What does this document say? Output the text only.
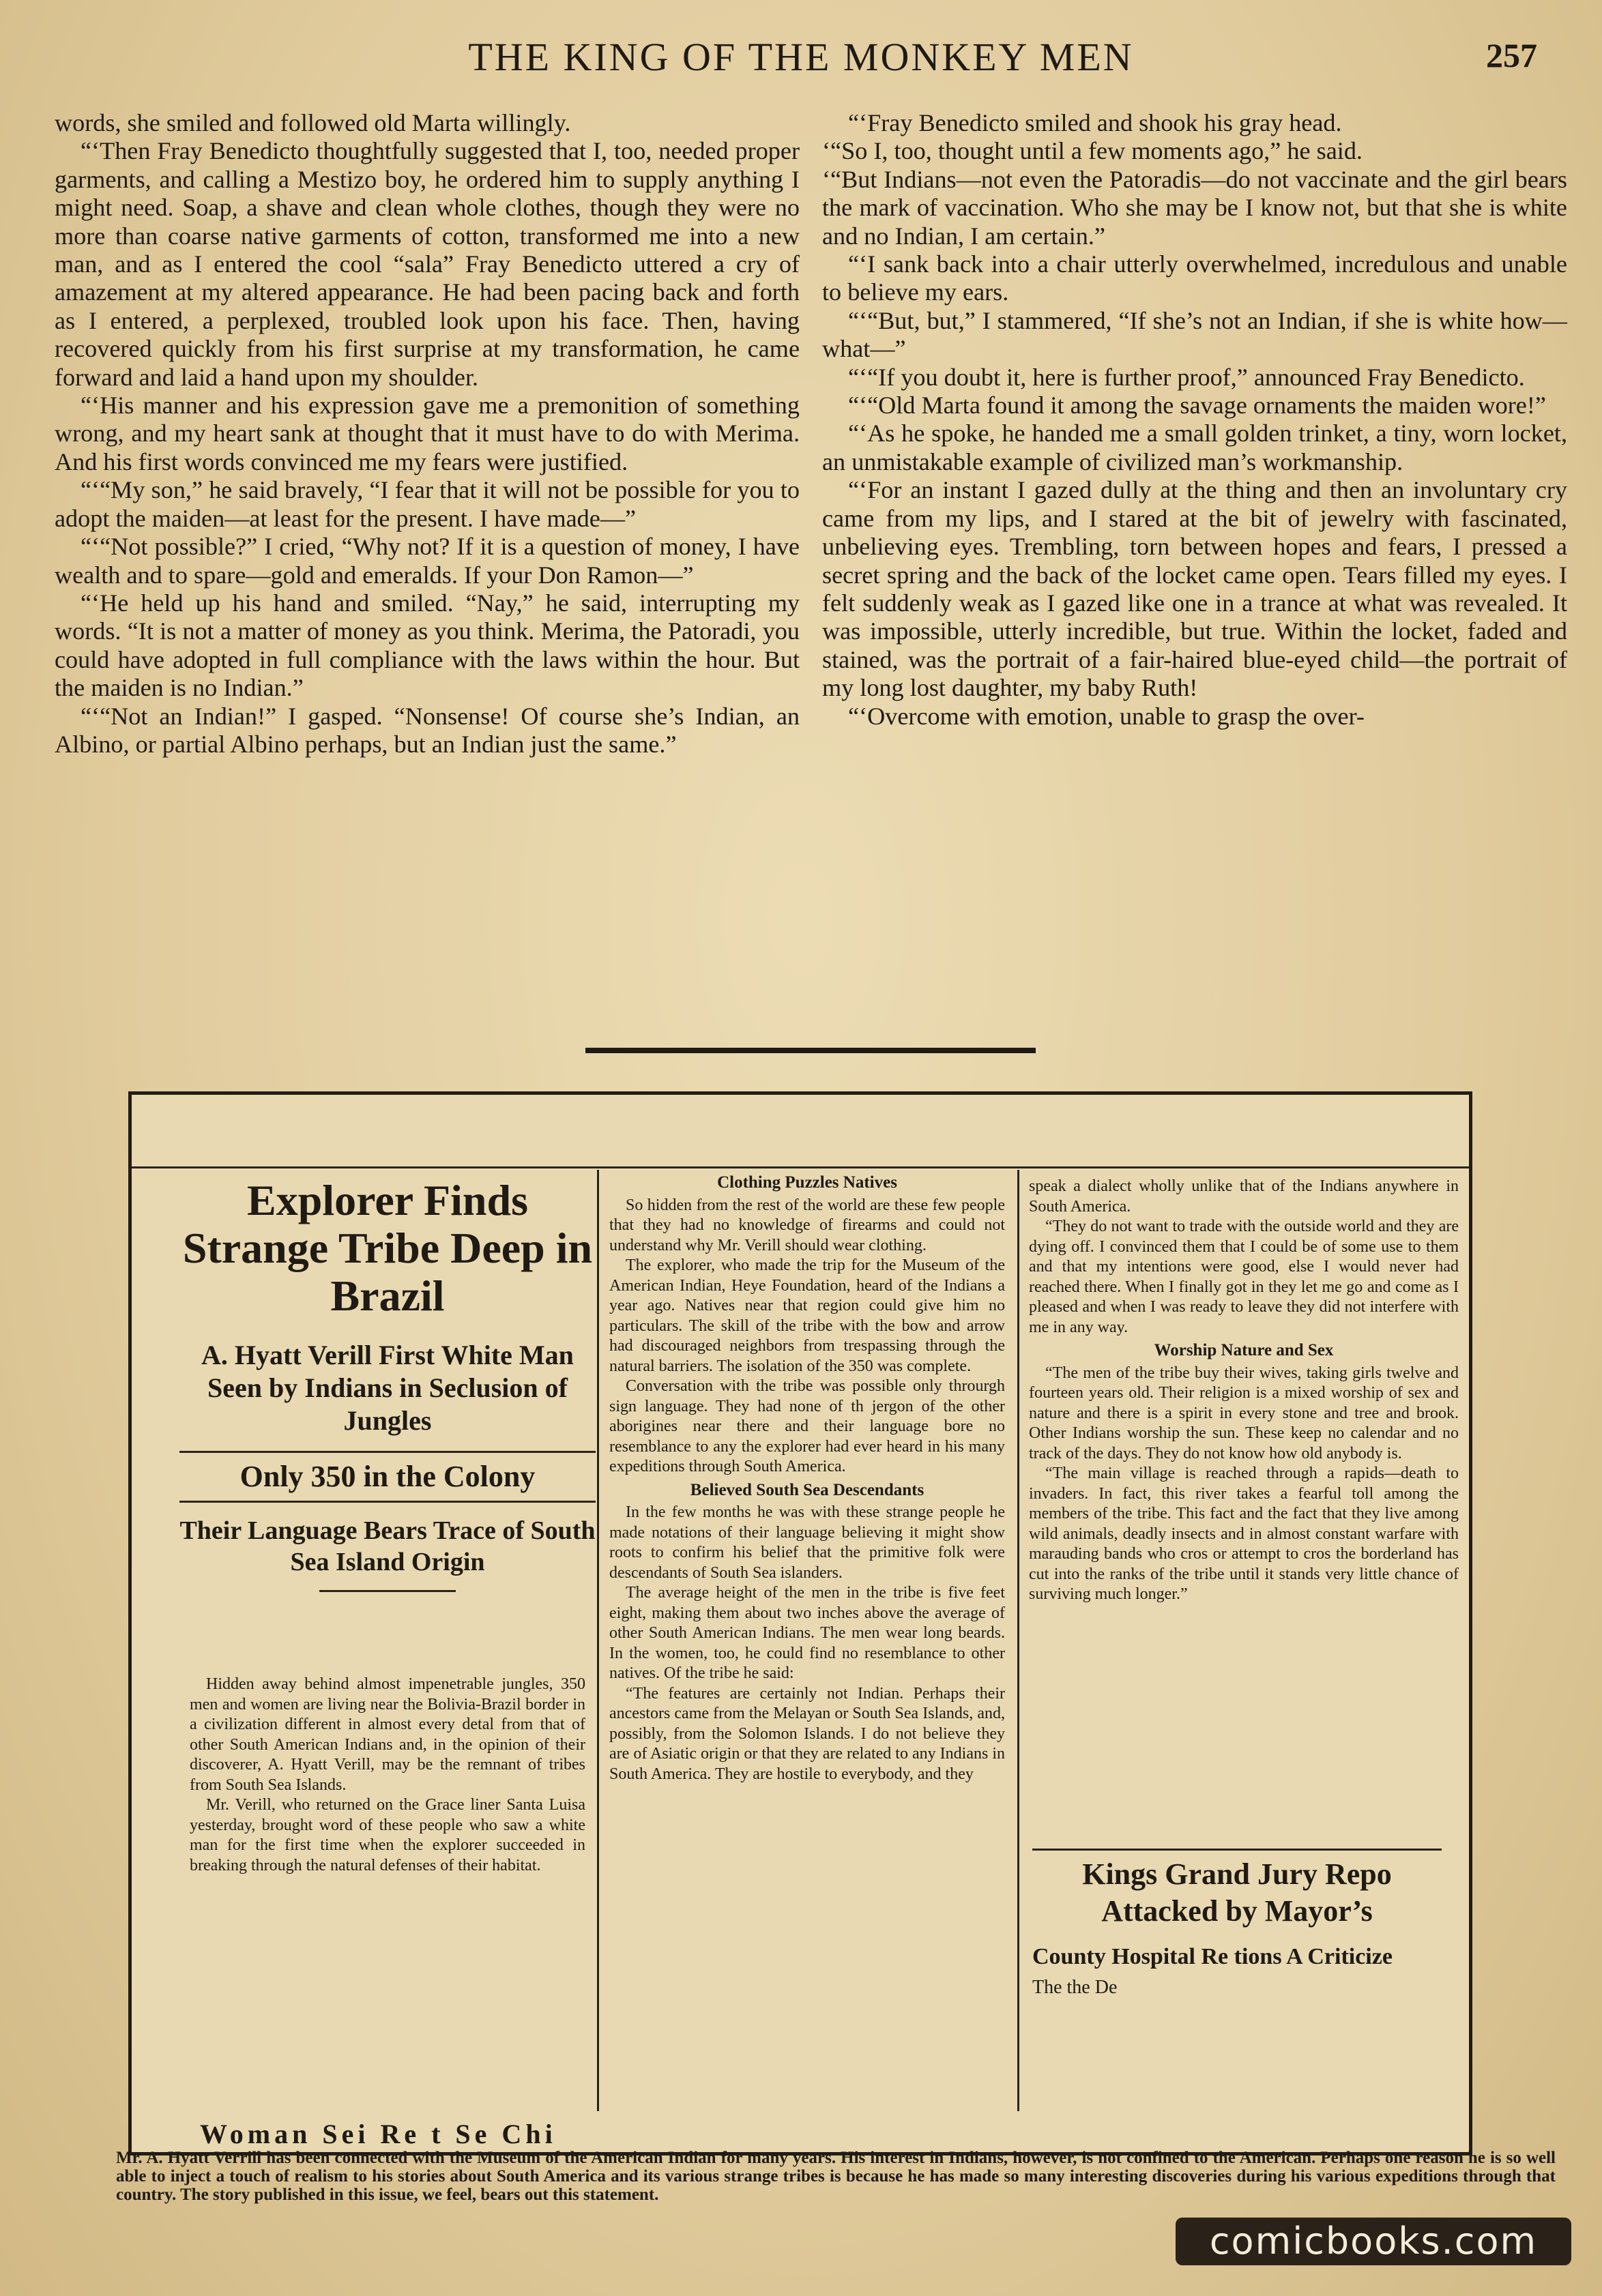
THE KING OF THE MONKEY MEN	257

words, she smiled and followed old Marta willingly.

“‘Then Fray Benedicto thoughtfully suggested that I, too, needed proper garments, and calling a Mestizo boy, he ordered him to supply anything I might need. Soap, a shave and clean whole clothes, though they were no more than coarse native garments of cotton, transformed me into a new man, and as I entered the cool “sala” Fray Benedicto uttered a cry of amazement at my altered appearance. He had been pacing back and forth as I entered, a perplexed, troubled look upon his face. Then, having recovered quickly from his first surprise at my transformation, he came forward and laid a hand upon my shoulder.

“‘His manner and his expression gave me a premonition of something wrong, and my heart sank at thought that it must have to do with Merima. And his first words convinced me my fears were justified.

“‘“My son,” he said bravely, “I fear that it will not be possible for you to adopt the maiden—at least for the present. I have made—”

“‘“Not possible?” I cried, “Why not? If it is a question of money, I have wealth and to spare—gold and emeralds. If your Don Ramon—”

“‘He held up his hand and smiled. “Nay,” he said, interrupting my words. “It is not a matter of money as you think. Merima, the Patoradi, you could have adopted in full compliance with the laws within the hour. But the maiden is no Indian.”

“‘“Not an Indian!” I gasped. “Nonsense! Of course she’s Indian, an Albino, or partial Albino perhaps, but an Indian just the same.”

“‘Fray Benedicto smiled and shook his gray head.

‘“So I, too, thought until a few moments ago,” he said.

‘“But Indians—not even the Patoradis—do not vaccinate and the girl bears the mark of vaccination. Who she may be I know not, but that she is white and no Indian, I am certain.”

“‘I sank back into a chair utterly overwhelmed, incredulous and unable to believe my ears.

“‘“But, but,” I stammered, “If she’s not an Indian, if she is white how—what—”

“‘“If you doubt it, here is further proof,” announced Fray Benedicto.

“‘“Old Marta found it among the savage ornaments the maiden wore!”

“‘As he spoke, he handed me a small golden trinket, a tiny, worn locket, an unmistakable example of civilized man’s workmanship.

“‘For an instant I gazed dully at the thing and then an involuntary cry came from my lips, and I stared at the bit of jewelry with fascinated, unbelieving eyes. Trembling, torn between hopes and fears, I pressed a secret spring and the back of the locket came open. Tears filled my eyes. I felt suddenly weak as I gazed like one in a trance at what was revealed. It was impossible, utterly incredible, but true. Within the locket, faded and stained, was the portrait of a fair-haired blue-eyed child—the portrait of my long lost daughter, my baby Ruth!

“‘Overcome with emotion, unable to grasp the over-

Explorer Finds Strange Tribe Deep in Brazil

A. Hyatt Verill First White Man Seen by Indians in Seclusion of Jungles

Only 350 in the Colony

Their Language Bears Trace of South Sea Island Origin

Hidden away behind almost impenetrable jungles, 350 men and women are living near the Bolivia-Brazil border in a civilization different in almost every detal from that of other South American Indians and, in the opinion of their discoverer, A. Hyatt Verill, may be the remnant of tribes from South Sea Islands.

Mr. Verill, who returned on the Grace liner Santa Luisa yesterday, brought word of these people who saw a white man for the first time when the explorer succeeded in breaking through the natural defenses of their habitat.

Clothing Puzzles Natives

So hidden from the rest of the world are these few people that they had no knowledge of firearms and could not understand why Mr. Verill should wear clothing.

The explorer, who made the trip for the Museum of the American Indian, Heye Foundation, heard of the Indians a year ago. Natives near that region could give him no particulars. The skill of the tribe with the bow and arrow had discouraged neighbors from trespassing through the natural barriers. The isolation of the 350 was complete.

Conversation with the tribe was possible only throurgh sign language. They had none of th jergon of the other aborigines near there and their language bore no resemblance to any the explorer had ever heard in his many expeditions through South America.

Believed South Sea Descendants

In the few months he was with these strange people he made notations of their language believing it might show roots to confirm his belief that the primitive folk were descendants of South Sea islanders.

The average height of the men in the tribe is five feet eight, making them about two inches above the average of other South American Indians. The men wear long beards. In the women, too, he could find no resemblance to other natives. Of the tribe he said:

“The features are certainly not Indian. Perhaps their ancestors came from the Melayan or South Sea Islands, and, possibly, from the Solomon Islands. I do not believe they are of Asiatic origin or that they are related to any Indians in South America. They are hostile to everybody, and they

speak a dialect wholly unlike that of the Indians anywhere in South America.

“They do not want to trade with the outside world and they are dying off. I convinced them that I could be of some use to them and that my intentions were good, else I would never had reached there. When I finally got in they let me go and come as I pleased and when I was ready to leave they did not interfere with me in any way.

Worship Nature and Sex

“The men of the tribe buy their wives, taking girls twelve and fourteen years old. Their religion is a mixed worship of sex and nature and there is a spirit in every stone and tree and brook. Other Indians worship the sun. These keep no calendar and no track of the days. They do not know how old anybody is.

“The main village is reached through a rapids—death to invaders. In fact, this river takes a fearful toll among the members of the tribe. This fact and the fact that they live among wild animals, deadly insects and in almost constant warfare with marauding bands who cros or attempt to cros the borderland has cut into the ranks of the tribe until it stands very little chance of surviving much longer.”

Kings Grand Jury Repo Attacked by Mayor’s

County Hospital Re tions A Criticize

The the De

Woman Sei Re t Se Chi

Mr. A. Hyatt Verrill has been connected with the Museum of the American Indian for many years. His interest in Indians, however, is not confined to the American. Perhaps one reason he is so well able to inject a touch of realism to his stories about South America and its various strange tribes is because he has made so many interesting discoveries during his various expeditions through that country. The story published in this issue, we feel, bears out this statement.

comicbooks.com
